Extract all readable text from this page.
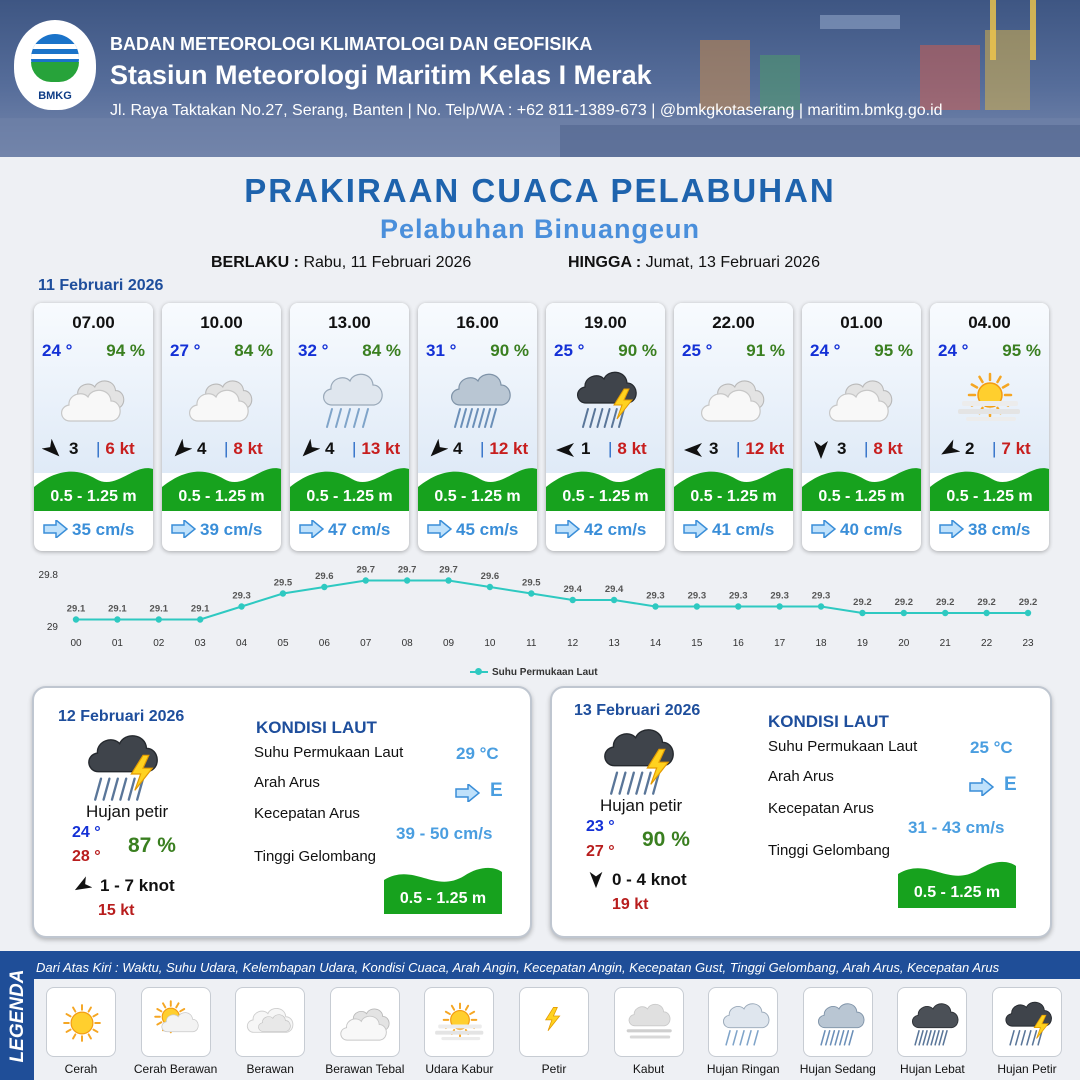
BMKG
BADAN METEOROLOGI KLIMATOLOGI DAN GEOFISIKA
Stasiun Meteorologi Maritim Kelas I Merak
Jl. Raya Taktakan No.27, Serang, Banten | No. Telp/WA : +62 811-1389-673 | @bmkgkotaserang | maritim.bmkg.go.id
PRAKIRAAN CUACA PELABUHAN
Pelabuhan Binuangeun
BERLAKU : Rabu, 11 Februari 2026	HINGGA : Jumat, 13 Februari 2026
11 Februari 2026
07.00
24 ° 94 %
3	| 6 kt
0.5 - 1.25 m
35 cm/s
10.00
27 ° 84 %
4	| 8 kt
0.5 - 1.25 m
39 cm/s
13.00
32 ° 84 %
4	| 13 kt
0.5 - 1.25 m
47 cm/s
16.00
31 ° 90 %
4	| 12 kt
0.5 - 1.25 m
45 cm/s
19.00
25 ° 90 %
1	| 8 kt
0.5 - 1.25 m
42 cm/s
22.00
25 ° 91 %
3	| 12 kt
0.5 - 1.25 m
41 cm/s
01.00
24 ° 95 %
3	| 8 kt
0.5 - 1.25 m
40 cm/s
04.00
24 ° 95 %
2	| 7 kt
0.5 - 1.25 m
38 cm/s
29
29.8
29.1
00
29.1
01
29.1
02
29.1
03
29.3
04
29.5
05
29.6
06
29.7
07
29.7
08
29.7
09
29.6
10
29.5
11
29.4
12
29.4
13
29.3
14
29.3
15
29.3
16
29.3
17
29.3
18
29.2
19
29.2
20
29.2
21
29.2
22
29.2
23
Suhu Permukaan Laut
12 Februari 2026
Hujan petir
24 °
28 ° 87 %
1 - 7 knot
15 kt
KONDISI LAUT
Suhu Permukaan Laut	29 °C
Arah Arus	E
Kecepatan Arus
39 - 50 cm/s
Tinggi Gelombang
0.5 - 1.25 m
13 Februari 2026
Hujan petir
23 °
27 °
90 %
0 - 4 knot
19 kt
KONDISI LAUT
Suhu Permukaan Laut	25 °C
Arah Arus	E
Kecepatan Arus
31 - 43 cm/s
Tinggi Gelombang
0.5 - 1.25 m
LEGENDA
Dari Atas Kiri : Waktu, Suhu Udara, Kelembapan Udara, Kondisi Cuaca, Arah Angin, Kecepatan Angin, Kecepatan Gust, Tinggi Gelombang, Arah Arus, Kecepatan Arus
Cerah	Cerah Berawan	Berawan	Berawan Tebal	Udara Kabur	Petir	Kabut	Hujan Ringan	Hujan Sedang	Hujan Lebat	Hujan Petir
